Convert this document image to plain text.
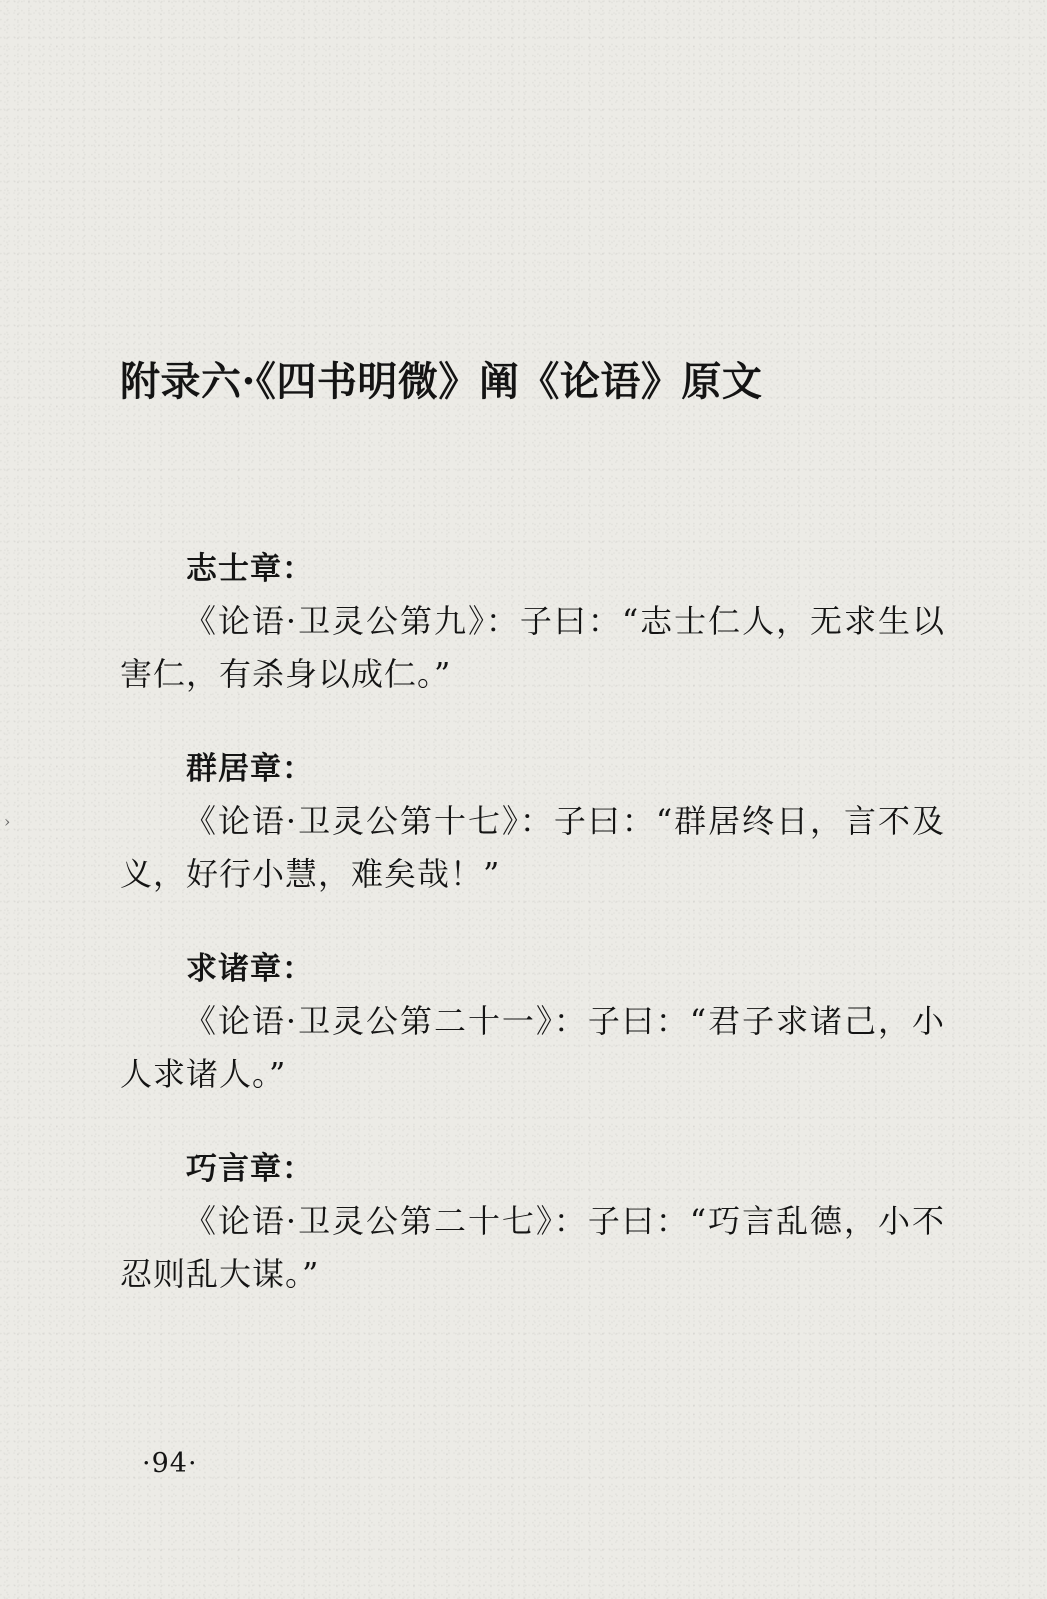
›
附录六·《四书明微》阐《论语》原文
志士章：

《论语·卫灵公第九》：子曰：“志士仁人，无求生以害仁，有杀身以成仁。”

群居章：

《论语·卫灵公第十七》：子曰：“群居终日，言不及义，好行小慧，难矣哉！”

求诸章：

《论语·卫灵公第二十一》：子曰：“君子求诸己，小人求诸人。”

巧言章：

《论语·卫灵公第二十七》：子曰：“巧言乱德，小不忍则乱大谋。”

·94·
